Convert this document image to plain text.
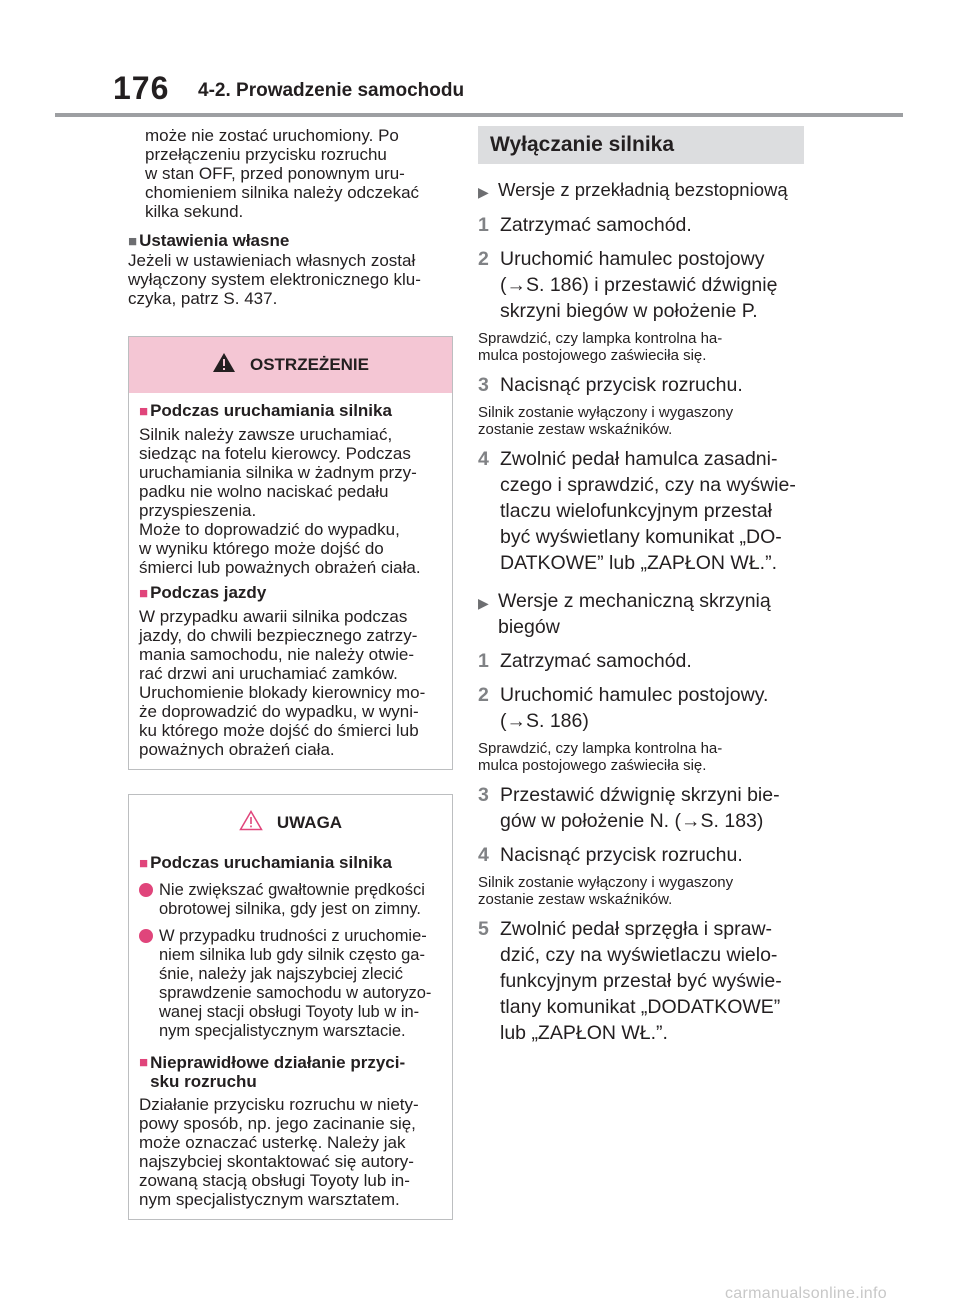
176 4-2. Prowadzenie samochodu
może nie zostać uruchomiony. Po
przełączeniu przycisku rozruchu
w stan OFF, przed ponownym uru-
chomieniem silnika należy odczekać
kilka sekund.
■ Ustawienia własne
Jeżeli w ustawieniach własnych został
wyłączony system elektronicznego klu-
czyka, patrz S. 437.
OSTRZEŻENIE
■ Podczas uruchamiania silnika

Silnik należy zawsze uruchamiać,
siedząc na fotelu kierowcy. Podczas
uruchamiania silnika w żadnym przy-
padku nie wolno naciskać pedału
przyspieszenia.
Może to doprowadzić do wypadku,
w wyniku którego może dojść do
śmierci lub poważnych obrażeń ciała.

■ Podczas jazdy

W przypadku awarii silnika podczas
jazdy, do chwili bezpiecznego zatrzy-
mania samochodu, nie należy otwie-
rać drzwi ani uruchamiać zamków.
Uruchomienie blokady kierownicy mo-
że doprowadzić do wypadku, w wyni-
ku którego może dojść do śmierci lub
poważnych obrażeń ciała.

UWAGA
■ Podczas uruchamiania silnika
Nie zwiększać gwałtownie prędkości
obrotowej silnika, gdy jest on zimny.
W przypadku trudności z uruchomie-
niem silnika lub gdy silnik często ga-
śnie, należy jak najszybciej zlecić
sprawdzenie samochodu w autoryzo-
wanej stacji obsługi Toyoty lub w in-
nym specjalistycznym warsztacie.
■ Nieprawidłowe działanie przyci-
sku rozruchu

Działanie przycisku rozruchu w niety-
powy sposób, np. jego zacinanie się,
może oznaczać usterkę. Należy jak
najszybciej skontaktować się autory-
zowaną stacją obsługi Toyoty lub in-
nym specjalistycznym warsztatem.

Wyłączanie silnika
▶ Wersje z przekładnią bezstopniową
1 Zatrzymać samochód.
2 Uruchomić hamulec postojowy
(→S. 186) i przestawić dźwignię
skrzyni biegów w położenie P.
Sprawdzić, czy lampka kontrolna ha-
mulca postojowego zaświeciła się.
3 Nacisnąć przycisk rozruchu.
Silnik zostanie wyłączony i wygaszony
zostanie zestaw wskaźników.
4 Zwolnić pedał hamulca zasadni-
czego i sprawdzić, czy na wyświe-
tlaczu wielofunkcyjnym przestał
być wyświetlany komunikat „DO-
DATKOWE” lub „ZAPŁON WŁ.”.
▶ Wersje z mechaniczną skrzynią
biegów
1 Zatrzymać samochód.
2 Uruchomić hamulec postojowy.
(→S. 186)
Sprawdzić, czy lampka kontrolna ha-
mulca postojowego zaświeciła się.
3 Przestawić dźwignię skrzyni bie-
gów w położenie N. (→S. 183)
4 Nacisnąć przycisk rozruchu.
Silnik zostanie wyłączony i wygaszony
zostanie zestaw wskaźników.
5 Zwolnić pedał sprzęgła i spraw-
dzić, czy na wyświetlaczu wielo-
funkcyjnym przestał być wyświe-
tlany komunikat „DODATKOWE”
lub „ZAPŁON WŁ.”.
carmanualsonline.info
